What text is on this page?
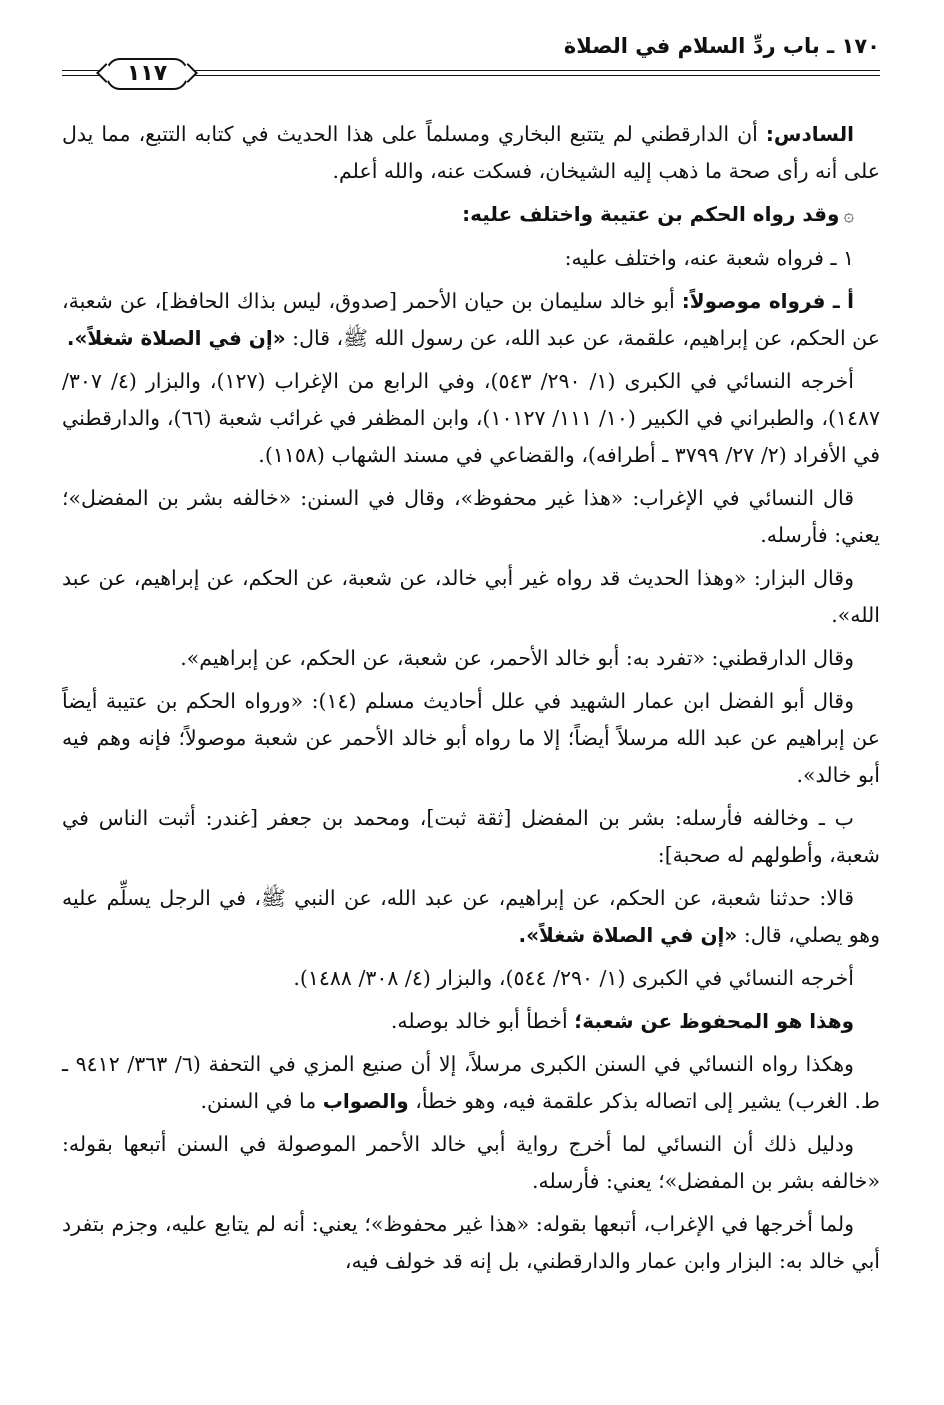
١٧٠ ـ باب ردِّ السلام في الصلاة
١١٧

السادس: أن الدارقطني لم يتتبع البخاري ومسلماً على هذا الحديث في كتابه التتبع، مما يدل على أنه رأى صحة ما ذهب إليه الشيخان، فسكت عنه، والله أعلم.

۞وقد رواه الحكم بن عتيبة واختلف عليه:

١ ـ فرواه شعبة عنه، واختلف عليه:

أ ـ فرواه موصولاً: أبو خالد سليمان بن حيان الأحمر [صدوق، ليس بذاك الحافظ]، عن شعبة، عن الحكم، عن إبراهيم، علقمة، عن عبد الله، عن رسول الله ﷺ، قال: «إن في الصلاة شغلاً».

أخرجه النسائي في الكبرى (١/ ٢٩٠/ ٥٤٣)، وفي الرابع من الإغراب (١٢٧)، والبزار (٤/ ٣٠٧/ ١٤٨٧)، والطبراني في الكبير (١٠/ ١١١/ ١٠١٢٧)، وابن المظفر في غرائب شعبة (٦٦)، والدارقطني في الأفراد (٢/ ٢٧/ ٣٧٩٩ ـ أطرافه)، والقضاعي في مسند الشهاب (١١٥٨).

قال النسائي في الإغراب: «هذا غير محفوظ»، وقال في السنن: «خالفه بشر بن المفضل»؛ يعني: فأرسله.

وقال البزار: «وهذا الحديث قد رواه غير أبي خالد، عن شعبة، عن الحكم، عن إبراهيم، عن عبد الله».

وقال الدارقطني: «تفرد به: أبو خالد الأحمر، عن شعبة، عن الحكم، عن إبراهيم».

وقال أبو الفضل ابن عمار الشهيد في علل أحاديث مسلم (١٤): «ورواه الحكم بن عتيبة أيضاً عن إبراهيم عن عبد الله مرسلاً أيضاً؛ إلا ما رواه أبو خالد الأحمر عن شعبة موصولاً؛ فإنه وهم فيه أبو خالد».

ب ـ وخالفه فأرسله: بشر بن المفضل [ثقة ثبت]، ومحمد بن جعفر [غندر: أثبت الناس في شعبة، وأطولهم له صحبة]:

قالا: حدثنا شعبة، عن الحكم، عن إبراهيم، عن عبد الله، عن النبي ﷺ، في الرجل يسلِّم عليه وهو يصلي، قال: «إن في الصلاة شغلاً».

أخرجه النسائي في الكبرى (١/ ٢٩٠/ ٥٤٤)، والبزار (٤/ ٣٠٨/ ١٤٨٨).

وهذا هو المحفوظ عن شعبة؛ أخطأ أبو خالد بوصله.

وهكذا رواه النسائي في السنن الكبرى مرسلاً، إلا أن صنيع المزي في التحفة (٦/ ٣٦٣/ ٩٤١٢ ـ ط. الغرب) يشير إلى اتصاله بذكر علقمة فيه، وهو خطأ، والصواب ما في السنن.

ودليل ذلك أن النسائي لما أخرج رواية أبي خالد الأحمر الموصولة في السنن أتبعها بقوله: «خالفه بشر بن المفضل»؛ يعني: فأرسله.

ولما أخرجها في الإغراب، أتبعها بقوله: «هذا غير محفوظ»؛ يعني: أنه لم يتابع عليه، وجزم بتفرد أبي خالد به: البزار وابن عمار والدارقطني، بل إنه قد خولف فيه،
